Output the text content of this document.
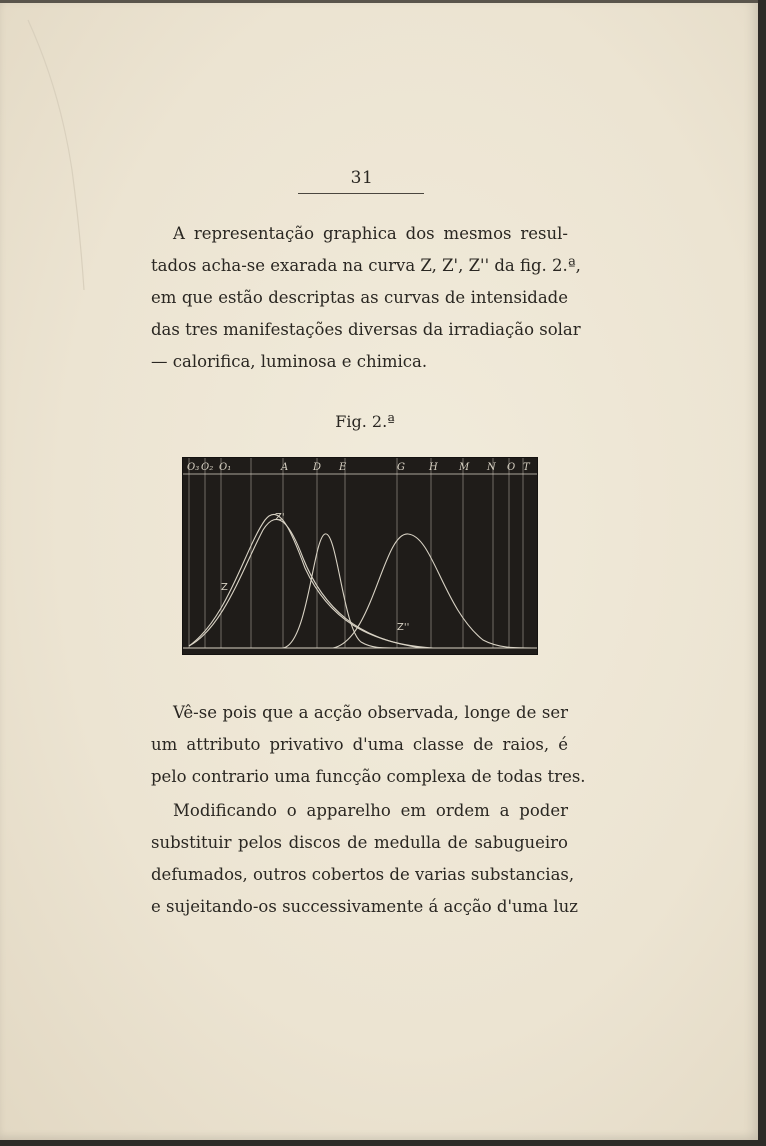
31
A representação graphica dos mesmos resul-
tados acha-se exarada na curva Z, Z', Z'' da fig. 2.ª,
em que estão descriptas as curvas de intensidade
das tres manifestações diversas da irradiação solar
— calorifica, luminosa e chimica.
Fig. 2.ª
O₃ O₂ O₁	A D E	G H M N O T
Z
Z'
Z''
Vê-se pois que a acção observada, longe de ser
um attributo privativo d'uma classe de raios, é
pelo contrario uma funcção complexa de todas tres.
Modificando o apparelho em ordem a poder
substituir pelos discos de medulla de sabugueiro
defumados, outros cobertos de varias substancias,
e sujeitando-os successivamente á acção d'uma luz
